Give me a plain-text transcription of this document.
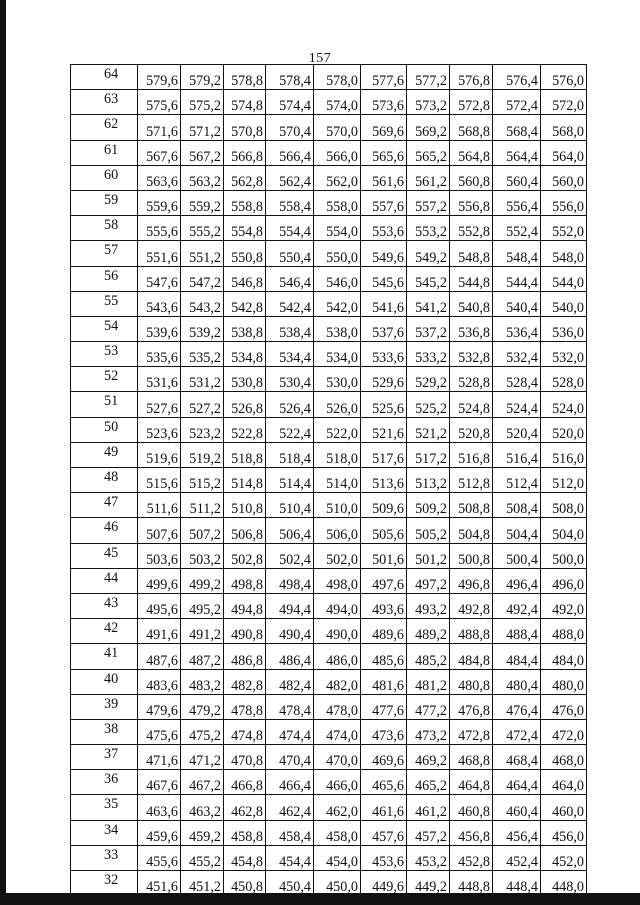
157
64	579,6	579,2	578,8	578,4	578,0	577,6	577,2	576,8	576,4	576,0
63	575,6	575,2	574,8	574,4	574,0	573,6	573,2	572,8	572,4	572,0
62	571,6	571,2	570,8	570,4	570,0	569,6	569,2	568,8	568,4	568,0
61	567,6	567,2	566,8	566,4	566,0	565,6	565,2	564,8	564,4	564,0
60	563,6	563,2	562,8	562,4	562,0	561,6	561,2	560,8	560,4	560,0
59	559,6	559,2	558,8	558,4	558,0	557,6	557,2	556,8	556,4	556,0
58	555,6	555,2	554,8	554,4	554,0	553,6	553,2	552,8	552,4	552,0
57	551,6	551,2	550,8	550,4	550,0	549,6	549,2	548,8	548,4	548,0
56	547,6	547,2	546,8	546,4	546,0	545,6	545,2	544,8	544,4	544,0
55	543,6	543,2	542,8	542,4	542,0	541,6	541,2	540,8	540,4	540,0
54	539,6	539,2	538,8	538,4	538,0	537,6	537,2	536,8	536,4	536,0
53	535,6	535,2	534,8	534,4	534,0	533,6	533,2	532,8	532,4	532,0
52	531,6	531,2	530,8	530,4	530,0	529,6	529,2	528,8	528,4	528,0
51	527,6	527,2	526,8	526,4	526,0	525,6	525,2	524,8	524,4	524,0
50	523,6	523,2	522,8	522,4	522,0	521,6	521,2	520,8	520,4	520,0
49	519,6	519,2	518,8	518,4	518,0	517,6	517,2	516,8	516,4	516,0
48	515,6	515,2	514,8	514,4	514,0	513,6	513,2	512,8	512,4	512,0
47	511,6	511,2	510,8	510,4	510,0	509,6	509,2	508,8	508,4	508,0
46	507,6	507,2	506,8	506,4	506,0	505,6	505,2	504,8	504,4	504,0
45	503,6	503,2	502,8	502,4	502,0	501,6	501,2	500,8	500,4	500,0
44	499,6	499,2	498,8	498,4	498,0	497,6	497,2	496,8	496,4	496,0
43	495,6	495,2	494,8	494,4	494,0	493,6	493,2	492,8	492,4	492,0
42	491,6	491,2	490,8	490,4	490,0	489,6	489,2	488,8	488,4	488,0
41	487,6	487,2	486,8	486,4	486,0	485,6	485,2	484,8	484,4	484,0
40	483,6	483,2	482,8	482,4	482,0	481,6	481,2	480,8	480,4	480,0
39	479,6	479,2	478,8	478,4	478,0	477,6	477,2	476,8	476,4	476,0
38	475,6	475,2	474,8	474,4	474,0	473,6	473,2	472,8	472,4	472,0
37	471,6	471,2	470,8	470,4	470,0	469,6	469,2	468,8	468,4	468,0
36	467,6	467,2	466,8	466,4	466,0	465,6	465,2	464,8	464,4	464,0
35	463,6	463,2	462,8	462,4	462,0	461,6	461,2	460,8	460,4	460,0
34	459,6	459,2	458,8	458,4	458,0	457,6	457,2	456,8	456,4	456,0
33	455,6	455,2	454,8	454,4	454,0	453,6	453,2	452,8	452,4	452,0
32	451,6	451,2	450,8	450,4	450,0	449,6	449,2	448,8	448,4	448,0
